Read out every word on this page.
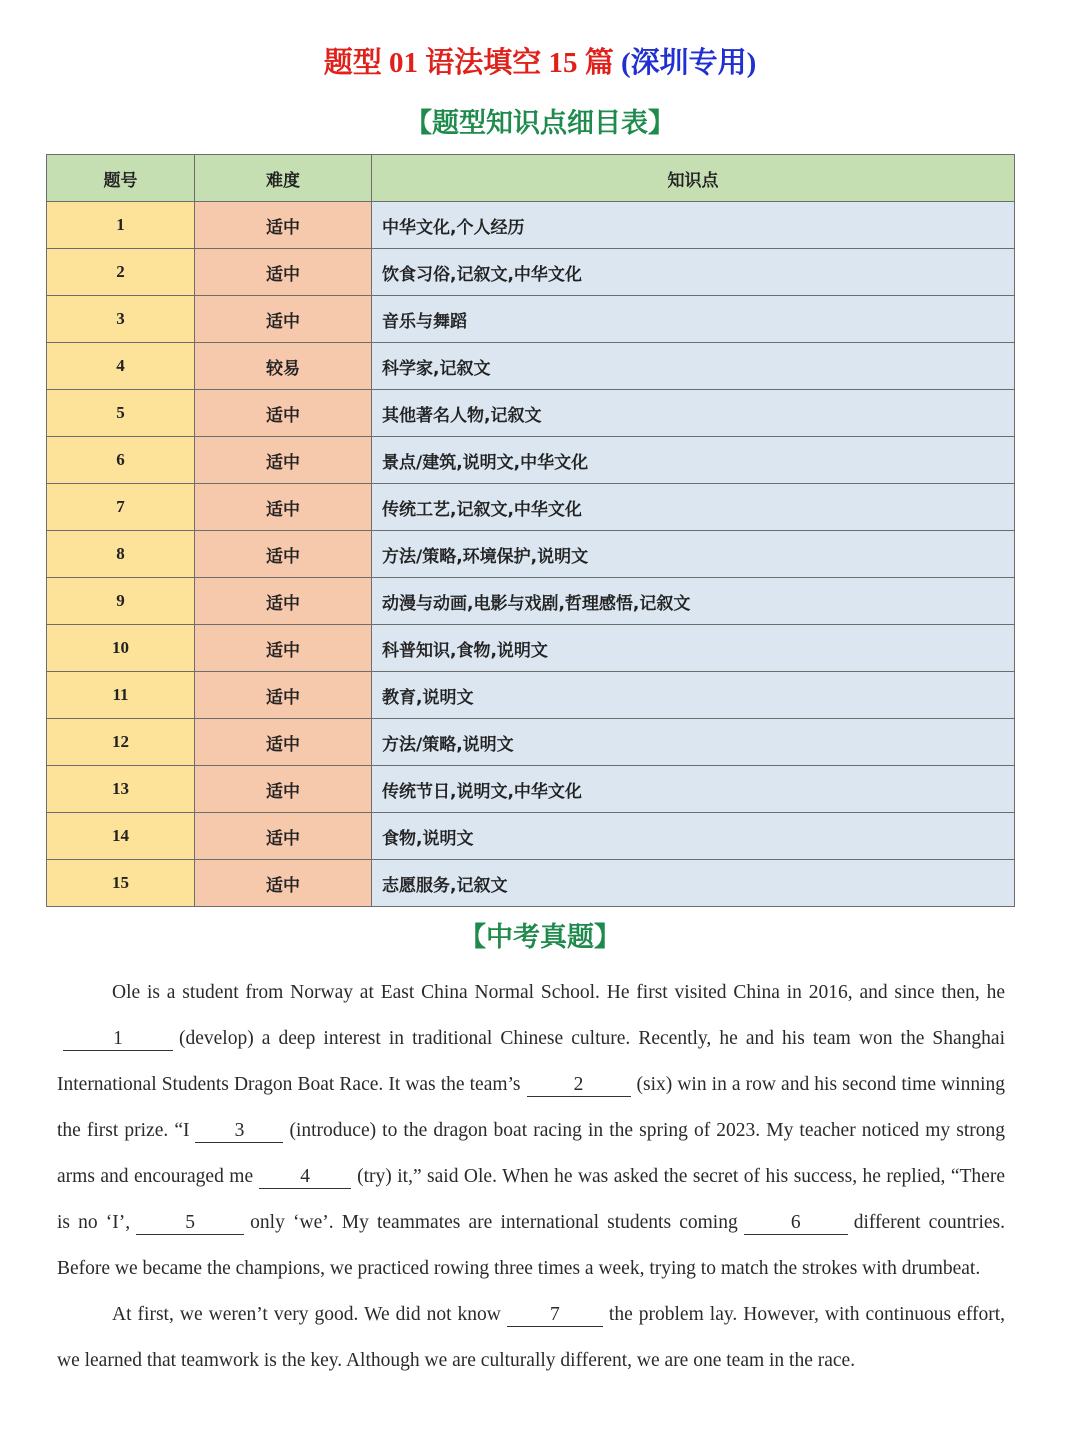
题型 01 语法填空 15 篇 (深圳专用)
【题型知识点细目表】
题号	难度	知识点
1	适中	中华文化,个人经历
2	适中	饮食习俗,记叙文,中华文化
3	适中	音乐与舞蹈
4	较易	科学家,记叙文
5	适中	其他著名人物,记叙文
6	适中	景点/建筑,说明文,中华文化
7	适中	传统工艺,记叙文,中华文化
8	适中	方法/策略,环境保护,说明文
9	适中	动漫与动画,电影与戏剧,哲理感悟,记叙文
10	适中	科普知识,食物,说明文
11	适中	教育,说明文
12	适中	方法/策略,说明文
13	适中	传统节日,说明文,中华文化
14	适中	食物,说明文
15	适中	志愿服务,记叙文
【中考真题】

Ole is a student from Norway at East China Normal School. He first visited China in 2016, and since then, he1	(develop) a deep interest in traditional Chinese culture. Recently, he and his team won the Shanghai International Students Dragon Boat Race. It was the team’s	2	(six) win in a row and his second time winning the first prize. “I 3 (introduce) to the dragon boat racing in the spring of 2023. My teacher noticed my strong arms and encouraged me 4 (try) it,” said Ole. When he was asked the secret of his success, he replied, “There is no ‘I’,	5	only ‘we’. My teammates are international students coming	6	different countries. Before we became the champions, we practiced rowing three times a week, trying to match the strokes with drumbeat.

At first, we weren’t very good. We did not know	7	the problem lay. However, with continuous effort, we learned that teamwork is the key. Although we are culturally different, we are one team in the race.
